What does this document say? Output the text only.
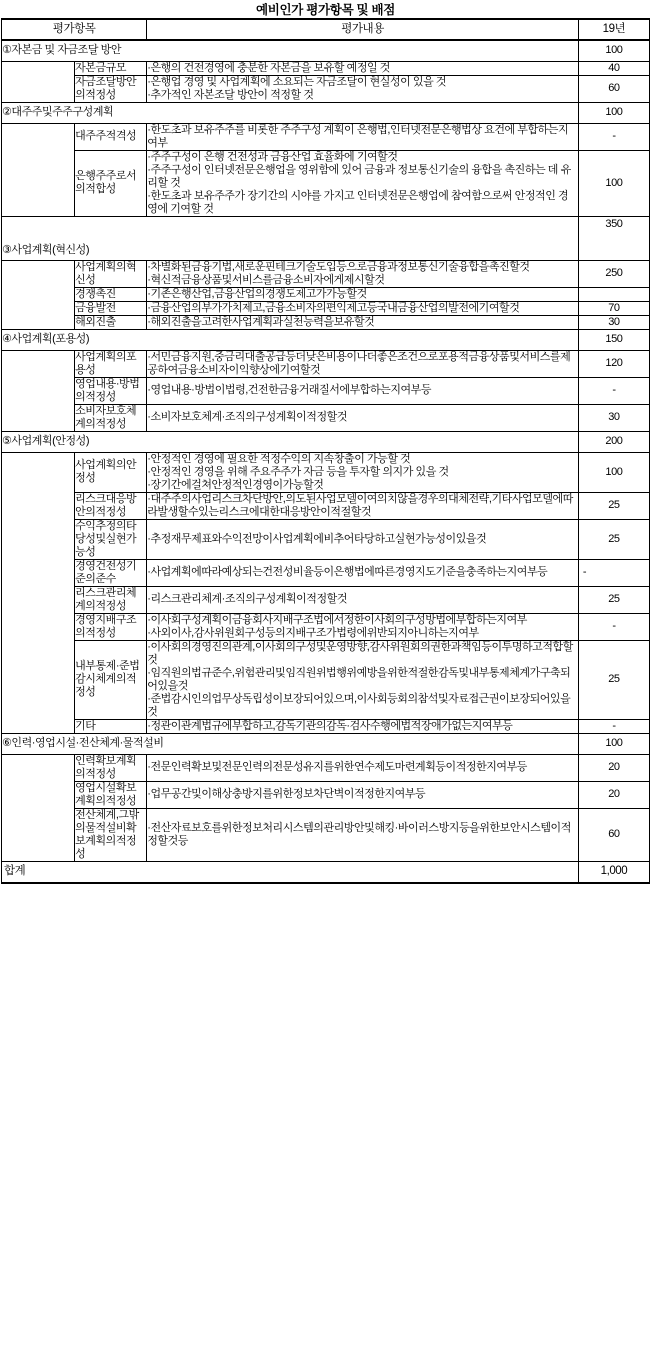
예비인가 평가항목 및 배점
평가항목		평가내용	19년
①자본금 및 자금조달 방안			100
	자본금규모	·은행의 건전경영에 충분한 자본금을 보유할 예정일 것	40
	자금조달방안의적정성	·은행업 경영 및 사업계획에 소요되는 자금조달이 현실성이 있을 것
·추가적인 자본조달 방안이 적정할 것	60
②대주주및주주구성계획			100
	대주주적격성	·한도초과 보유주주를 비롯한 주주구성 계획이 은행법,인터넷전문은행법상 요건에 부합하는지 여부	-
	은행주주로서의적합성	·주주구성이 은행 건전성과 금융산업 효율화에 기여할것
·주주구성이 인터넷전문은행업을 영위함에 있어 금융과 정보통신기술의 융합을 촉진하는 데 유리할 것
·한도초과 보유주주가 장기간의 시야를 가지고 인터넷전문은행업에 참여함으로써 안정적인 경영에 기여할 것	100
③사업계획(혁신성)			350
	사업계획의혁신성	·차별화된금융기법,새로운핀테크기술도입등으로금융과정보통신기술융합을촉진할것
·혁신적금융상품및서비스를금융소비자에게제시할것	250
	경쟁촉진	·기존은행산업,금융산업의경쟁도제고가가능할것	

	금융발전	·금융산업의부가가치제고,금융소비자의편익제고등국내금융산업의발전에기여할것	70
	해외진출	·해외진출을고려한사업계획과실천능력을보유할것	30
④사업계획(포용성)			150
	사업계획의포용성	·서민금융지원,중금리대출공급등더낮은비용이나더좋은조건으로포용적금융상품및서비스를제공하여금융소비자이익향상에기여할것	120
	영업내용·방법의적정성	·영업내용·방법이법령,건전한금융거래질서에부합하는지여부등	-
	소비자보호체계의적정성	·소비자보호체계·조직의구성계획이적정할것	30
⑤사업계획(안정성)			200
	사업계획의안정성	·안정적인 경영에 필요한 적정수익의 지속창출이 가능할 것
·안정적인 경영을 위해 주요주주가 자금 등을 투자할 의지가 있을 것
·장기간에걸쳐안정적인경영이가능할것	100
	리스크대응방안의적정성	·대주주의사업리스크차단방안,의도된사업모델이여의치않을경우의대체전략,기타사업모델에따라발생할수있는리스크에대한대응방안이적절할것	25
	수익추정의타당성및실현가능성	·추정재무제표와수익전망이사업계획에비추어타당하고실현가능성이있을것	25
	경영건전성기준의준수	·사업계획에따라예상되는건전성비율등이은행법에따른경영지도기준을충족하는지여부등	-
	리스크관리체계의적정성	·리스크관리체계·조직의구성계획이적정할것	25
	경영지배구조의적정성	·이사회구성계획이금융회사지배구조법에서정한이사회의구성방법에부합하는지여부
·사외이사,감사위원회구성등의지배구조가법령에위반되지아니하는지여부	-
	내부통제·준법감시체계의적정성	·이사회의경영진의관계,이사회의구성및운영방향,감사위원회의권한과책임등이투명하고적합할것
·임직원의법규준수,위험관리및임직원위법행위예방을위한적절한감독및내부통제체계가구축되어있을것
·준법감시인의업무상독립성이보장되어있으며,이사회등회의참석및자료접근권이보장되어있을것	25
	기타	·정관이관계법규에부합하고,감독기관의감독·검사수행에법적장애가없는지여부등	-
⑥인력·영업시설·전산체계·물적설비			100
	인력확보계획의적정성	·전문인력확보및전문인력의전문성유지를위한연수제도마련계획등이적정한지여부등	20
	영업시설확보계획의적정성	·업무공간및이해상충방지를위한정보차단벽이적정한지여부등	20
	전산체계,그밖의물적설비확보계획의적정성	·전산자료보호를위한정보처리시스템의관리방안및해킹·바이러스방지등을위한보안시스템이적정할것등	60
합계			1,000
